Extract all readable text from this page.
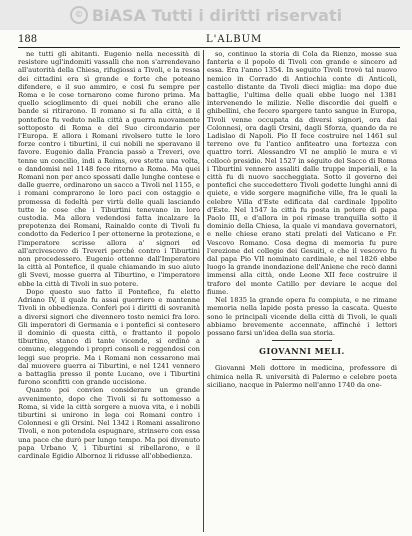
© BiASA Tutti i diritti riservati
188	L'ALBUM

ne tutti gli abitanti. Eugenio nella necessità di resistere ugl'indomiti vassalli che non s'arrendevano all'autorità della Chiesa, rifugiossi a Tivoli, e la ressa dei cittadini era sì grande e forte che poteano difendere, e il suo ammiro, e così fu sempre per Roma e le cose tornarono come furono prima. Ma quello scioglimento di quei nobili che erano alle bande si ritirarono. Il romano si fu alla città, e il pontefice fu veduto nella città a guerra nuovamente sottoposto di Roma e del Suo circondario per l'Europa. E allora i Romani rivolsero tutte le loro forze contro i tiburtini, il cui nobili ne speravano il favore. Eugenio dalla Francia passò a Treveri, ove tenne un concilio, indi a Reims, ove stette una volta, e dandomisi nel 1148 fece ritorno a Roma. Ma quei Romani non per anco spossati dalle lunghe contese e dalle guerre, ordinarono un sacco a Tivoli nel 1155, e i romani comprarono le loro paci con ostaggio e promessa di fedeltà per virtù delle quali lasciando tutte le cose che i Tiburtini tenevano in loro custodia. Ma allora vedendosi fatta incalzare la prepotenza dei Romani, Rainaldo conte di Tivoli fu condotto da Federico I per ottenerne la protezione, e l'imperatore scrisse allora a' signori ed all'arcivescovo di Treveri perché contro i Tiburtini non procedessero. Eugenio ottenne dall'Imperatore la città al Pontefice, il quale chiamando in suo aiuto gli Svevi, mosse guerra al Tiburtino, e l'imperatore ebbe la città di Tivoli in suo potere.

Dopo questo suo fatto il Pontefice, fu eletto Adriano IV, il quale fu assai guerriero e mantenne Tivoli in obbedienza. Conferì poi i diritti di sovranità a diversi signori che divennero tosto nemici fra loro. Gli imperatori di Germania e i pontefici si contesero il dominio di questa città, e frattanto il popolo tiburtino, stanco di tante vicende, si ordinò a comune, eleggendo i propri consoli e reggendosi con leggi sue proprie. Ma i Romani non cessarono mai dal muovere guerra ai Tiburtini, e nel 1241 vennero a battaglia presso il ponte Lucano, ove i Tiburtini furono sconfitti con grande uccisione.

Quanto poi convien considerare un grande avvenimento, dopo che Tivoli si fu sottomesso a Roma, si vide la città sorgere a nuova vita, e i nobili tiburtini si unirono in lega coi Romani contro i Colonnesi e gli Orsini. Nel 1342 i Romani assalirono Tivoli, e non potendola espugnare, strinsero con essa una pace che durò per lungo tempo. Ma poi divenuto papa Urbano V, i Tiburtini si ribellarono, e il cardinale Egidio Albornoz li ridusse all'obbedienza.

so, continuo la storia di Cola da Rienzo, mosse sua fanteria e il popolo di Tivoli con grande e sincero ad essa. Era l'anno 1354. In seguito Tivoli trovò tal nuovo nemico in Corrado di Antiochia conte di Anticoli, castello distante da Tivoli dieci miglia: ma dopo due battaglie, l'ultima delle quali ebbe luogo nel 1381 intervenendo le milizie. Nelle discordie dei guelfi e ghibellini, che fecero spargere tanto sangue in Europa, Tivoli venne occupata da diversi signori, ora dai Colonnesi, ora dagli Orsini, dagli Sforza, quando da re Ladislao di Napoli. Pio II fece costruire nel 1461 sul terreno ove fu l'antico anfiteatro una fortezza con quattro torri. Alessandro VI ne ampliò le mura e vi collocò presidio. Nel 1527 in séguito del Sacco di Roma i Tiburtini vennero assaliti dalle truppe imperiali, e la città fu di nuovo saccheggiata. Sotto il governo dei pontefici che succedettero Tivoli godette lunghi anni di quiete, e vide sorgere magnifiche ville, fra le quali la celebre Villa d'Este edificata dal cardinale Ippolito d'Este. Nel 1547 la città fu posta in potere di papa Paolo III, e d'allora in poi rimase tranquilla sotto il dominio della Chiesa, la quale vi mandava governatori, e nelle chiese erano stati prelati del Vaticano e Fr. Vescovo Romano. Cosa degna di memoria fu pure l'erezione del collegio dei Gesuiti, e che il vescovo fu dal papa Pio VII nominato cardinale, e nel 1826 ebbe luogo la grande inondazione dell'Aniene che recò danni immensi alla città, onde Leone XII fece costruire il traforo del monte Catillo per deviare le acque del fiume.

Nel 1835 la grande opera fu compiuta, e ne rimane memoria nella lapide posta presso la cascata. Queste sono le principali vicende della città di Tivoli, le quali abbiamo brevemente accennate, affinché i lettori possano farsi un'idea della sua storia.

GIOVANNI MELI.

Giovanni Meli dottore in medicina, professore di chimica nella R. università di Palermo e celebre poeta siciliano, nacque in Palermo nell'anno 1740 da one-
